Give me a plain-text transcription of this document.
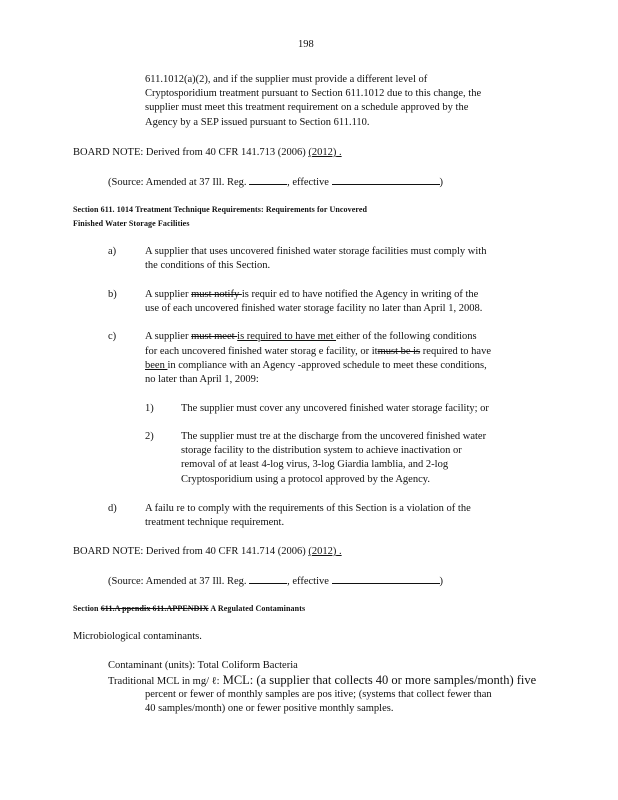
198
611.1012(a)(2), and if the supplier must provide a different level of
Cryptosporidium treatment pursuant to Section 611.1012 due to this change, the
supplier must meet this treatment requirement on a schedule approved by the
Agency by a SEP issued pursuant to Section 611.110.
BOARD NOTE: Derived from 40 CFR 141.713 (2006) (2012) .
(Source: Amended at 37 Ill. Reg.	, effective	)
Section 611. 1014 Treatment Technique Requirements: Requirements for Uncovered
Finished Water Storage Facilities
a)	A supplier that uses uncovered finished water storage facilities must comply with
the conditions of this Section.
b)	A supplier must notify is requir ed to have notified the Agency in writing of the
use of each uncovered finished water storage facility no later than April 1, 2008.
c)	A supplier must meet is required to have met either of the following conditions
for each uncovered finished water storag e facility, or itmust be is required to have
been in compliance with an Agency -approved schedule to meet these conditions,
no later than April 1, 2009:
1)	The supplier must cover any uncovered finished water storage facility; or
2)	The supplier must tre at the discharge from the uncovered finished water
storage facility to the distribution system to achieve inactivation or
removal of at least 4-log virus, 3-log Giardia lamblia, and 2-log
Cryptosporidium using a protocol approved by the Agency.
d)	A failu re to comply with the requirements of this Section is a violation of the
treatment technique requirement.
BOARD NOTE: Derived from 40 CFR 141.714 (2006) (2012) .
(Source: Amended at 37 Ill. Reg.	, effective	)
Section 611.A ppendix 611.APPENDIX A Regulated Contaminants
Microbiological contaminants.
Contaminant (units): Total Coliform Bacteria
Traditional MCL in mg/ ℓ: MCL: (a supplier that collects 40 or more samples/month) five
percent or fewer of monthly samples are pos itive; (systems that collect fewer than
40 samples/month) one or fewer positive monthly samples.
